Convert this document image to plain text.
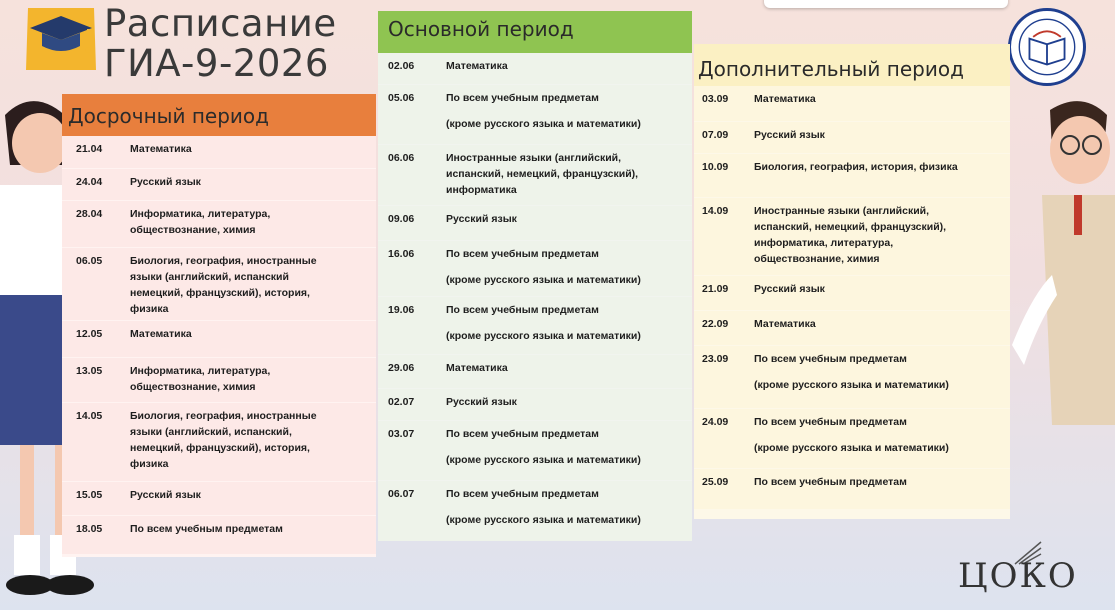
Расписание
ГИА-9-2026
Досрочный период
21.04	Математика
24.04	Русский язык
28.04	Информатика, литература,
обществознание, химия
06.05	Биология, география, иностранные
языки (английский, испанский
немецкий, французский), история,
физика
12.05	Математика
13.05	Информатика, литература,
обществознание, химия
14.05	Биология, география, иностранные
языки (английский, испанский,
немецкий, французский), история,
физика
15.05	Русский язык
18.05	По всем учебным предметам
Основной период
02.06	Математика
05.06	По всем учебным предметам
(кроме русского языка и математики)
06.06	Иностранные языки (английский,
испанский, немецкий, французский),
информатика
09.06	Русский язык
16.06	По всем учебным предметам
(кроме русского языка и математики)
19.06	По всем учебным предметам
(кроме русского языка и математики)
29.06	Математика
02.07	Русский язык
03.07	По всем учебным предметам
(кроме русского языка и математики)
06.07	По всем учебным предметам
(кроме русского языка и математики)
Дополнительный период
03.09	Математика
07.09	Русский язык
10.09	Биология, география, история, физика
14.09	Иностранные языки (английский,
испанский, немецкий, французский),
информатика, литература,
обществознание, химия
21.09	Русский язык
22.09	Математика
23.09	По всем учебным предметам
(кроме русского языка и математики)
24.09	По всем учебным предметам
(кроме русского языка и математики)
25.09	По всем учебным предметам
ЦОКО
